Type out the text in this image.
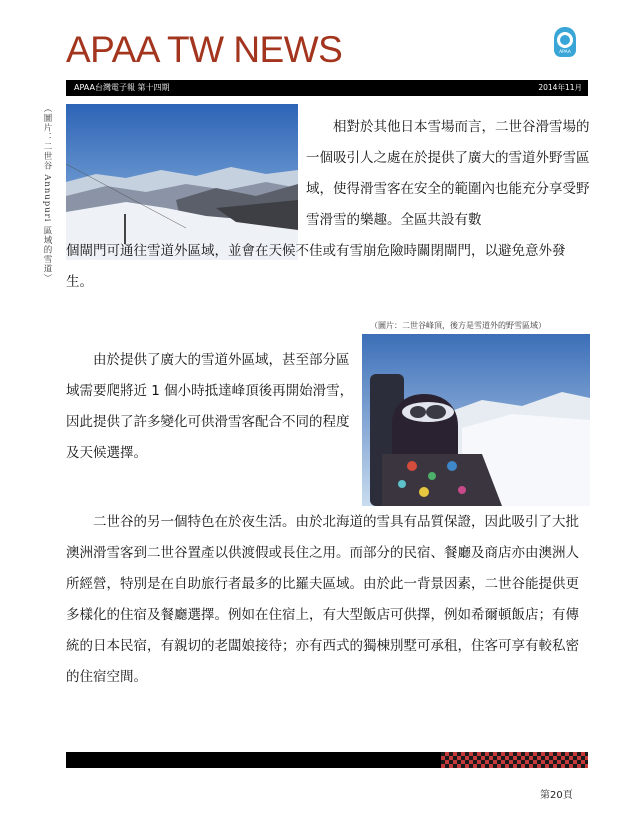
APAA TW NEWS	APAA
APAA台灣電子報 第十四期	2014年11月
（圖片：二世谷 Annupuri 區域的雪道）	　　相對於其他日本雪場而言，二世谷滑雪場的一個吸引人之處在於提供了廣大的雪道外野雪區域，使得滑雪客在安全的範圍內也能充分享受野雪滑雪的樂趣。全區共設有數
個閘門可通往雪道外區域，並會在天候不佳或有雪崩危險時關閉閘門，以避免意外發生。
（圖片：二世谷峰頂，後方是雪道外的野雪區域）
　　由於提供了廣大的雪道外區域，甚至部分區域需要爬將近 1 個小時抵達峰頂後再開始滑雪，因此提供了許多變化可供滑雪客配合不同的程度及天候選擇。
　　二世谷的另一個特色在於夜生活。由於北海道的雪具有品質保證，因此吸引了大批澳洲滑雪客到二世谷置產以供渡假或長住之用。而部分的民宿、餐廳及商店亦由澳洲人所經營，特別是在自助旅行者最多的比羅夫區域。由於此一背景因素，二世谷能提供更多樣化的住宿及餐廳選擇。例如在住宿上，有大型飯店可供擇，例如希爾頓飯店；有傳統的日本民宿，有親切的老闆娘接待；亦有西式的獨棟別墅可承租，住客可享有較私密的住宿空間。
第20頁
